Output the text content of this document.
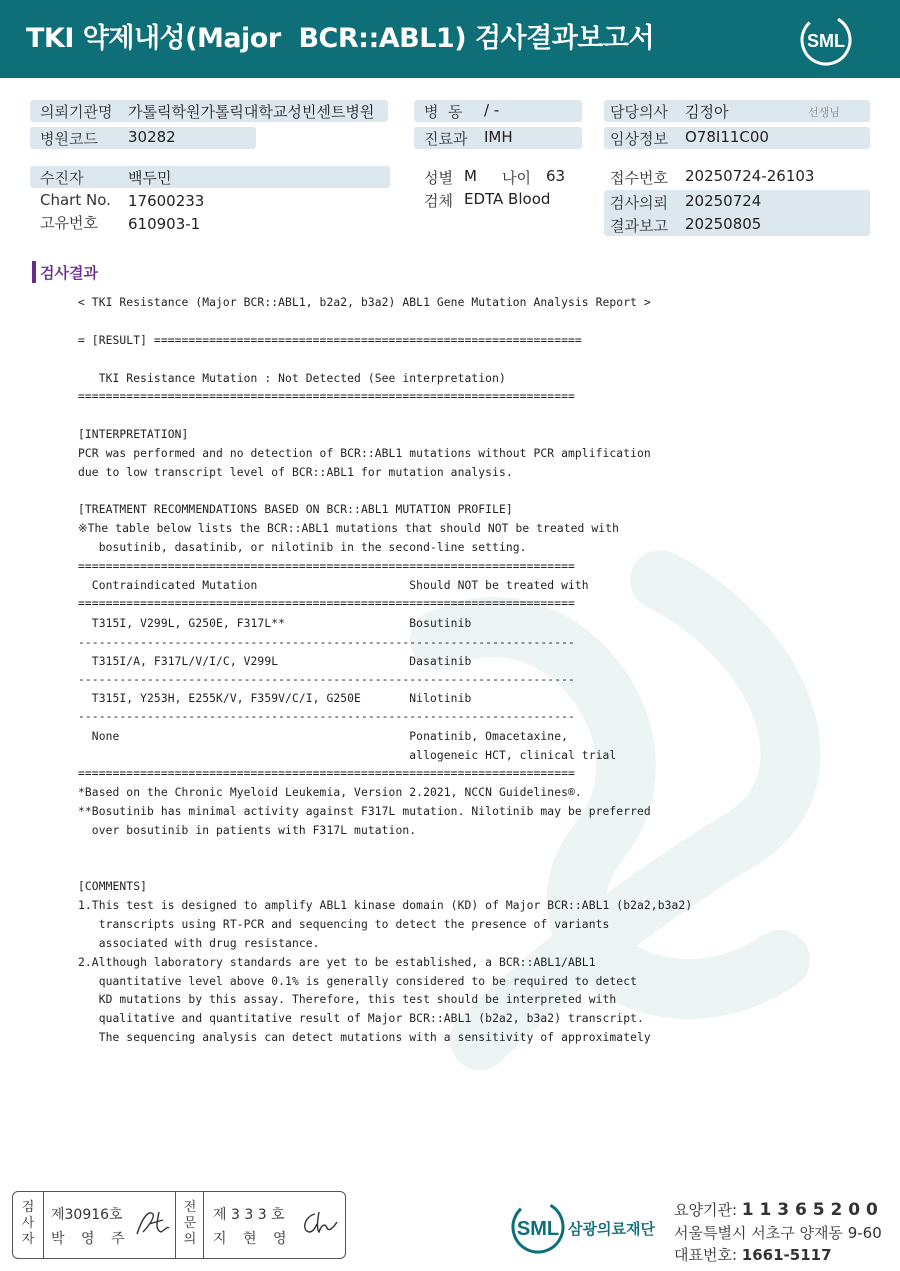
TKI 약제내성(Major  BCR::ABL1) 검사결과보고서	SML
의뢰기관명 가톨릭학원가톨릭대학교성빈센트병원
병원코드 30282
병  동 / -
진료과 IMH
담당의사 김정아	선생님
임상정보 O78I11C00
수진자	백두민
Chart No. 17600233
고유번호 610903-1
성별 M 나이 63
검체 EDTA Blood
접수번호 20250724-26103
검사의뢰 20250724
결과보고 20250805
검사결과
< TKI Resistance (Major BCR::ABL1, b2a2, b3a2) ABL1 Gene Mutation Analysis Report >
= [RESULT] ==============================================================
TKI Resistance Mutation : Not Detected (See interpretation)
========================================================================
[INTERPRETATION]
PCR was performed and no detection of BCR::ABL1 mutations without PCR amplification
due to low transcript level of BCR::ABL1 for mutation analysis.
[TREATMENT RECOMMENDATIONS BASED ON BCR::ABL1 MUTATION PROFILE]
※The table below lists the BCR::ABL1 mutations that should NOT be treated with
bosutinib, dasatinib, or nilotinib in the second-line setting.
========================================================================
Contraindicated Mutation                      Should NOT be treated with
========================================================================
T315I, V299L, G250E, F317L**                  Bosutinib
------------------------------------------------------------------------
T315I/A, F317L/V/I/C, V299L                   Dasatinib
------------------------------------------------------------------------
T315I, Y253H, E255K/V, F359V/C/I, G250E       Nilotinib
------------------------------------------------------------------------
None                                          Ponatinib, Omacetaxine,
allogeneic HCT, clinical trial
========================================================================
*Based on the Chronic Myeloid Leukemia, Version 2.2021, NCCN Guidelines®.
**Bosutinib has minimal activity against F317L mutation. Nilotinib may be preferred
over bosutinib in patients with F317L mutation.
[COMMENTS]
1.This test is designed to amplify ABL1 kinase domain (KD) of Major BCR::ABL1 (b2a2,b3a2)
transcripts using RT-PCR and sequencing to detect the presence of variants
associated with drug resistance.
2.Although laboratory standards are yet to be established, a BCR::ABL1/ABL1
quantitative level above 0.1% is generally considered to be required to detect
KD mutations by this assay. Therefore, this test should be interpreted with
qualitative and quantitative result of Major BCR::ABL1 (b2a2, b3a2) transcript.
The sequencing analysis can detect mutations with a sensitivity of approximately
검사자
제30916호
박 영 주
전문의
제 3 3 3 호
지 현 영	SML 삼광의료재단
요양기관: 1 1 3 6 5 2 0 0
서울특별시 서초구 양재동 9-60
대표번호: 1661-5117
